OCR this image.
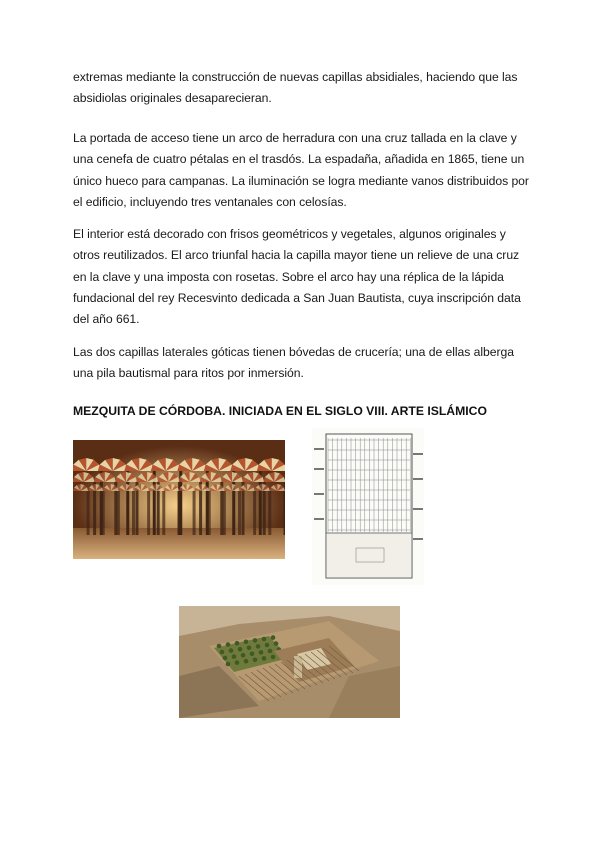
extremas mediante la construcción de nuevas capillas absidiales, haciendo que las absidiolas originales desaparecieran.

La portada de acceso tiene un arco de herradura con una cruz tallada en la clave y una cenefa de cuatro pétalas en el trasdós. La espadaña, añadida en 1865, tiene un único hueco para campanas. La iluminación se logra mediante vanos distribuidos por el edificio, incluyendo tres ventanales con celosías.

El interior está decorado con frisos geométricos y vegetales, algunos originales y otros reutilizados. El arco triunfal hacia la capilla mayor tiene un relieve de una cruz en la clave y una imposta con rosetas. Sobre el arco hay una réplica de la lápida fundacional del rey Recesvinto dedicada a San Juan Bautista, cuya inscripción data del año 661.

Las dos capillas laterales góticas tienen bóvedas de crucería; una de ellas alberga una pila bautismal para ritos por inmersión.

MEZQUITA DE CÓRDOBA. INICIADA EN EL SIGLO VIII. ARTE ISLÁMICO
